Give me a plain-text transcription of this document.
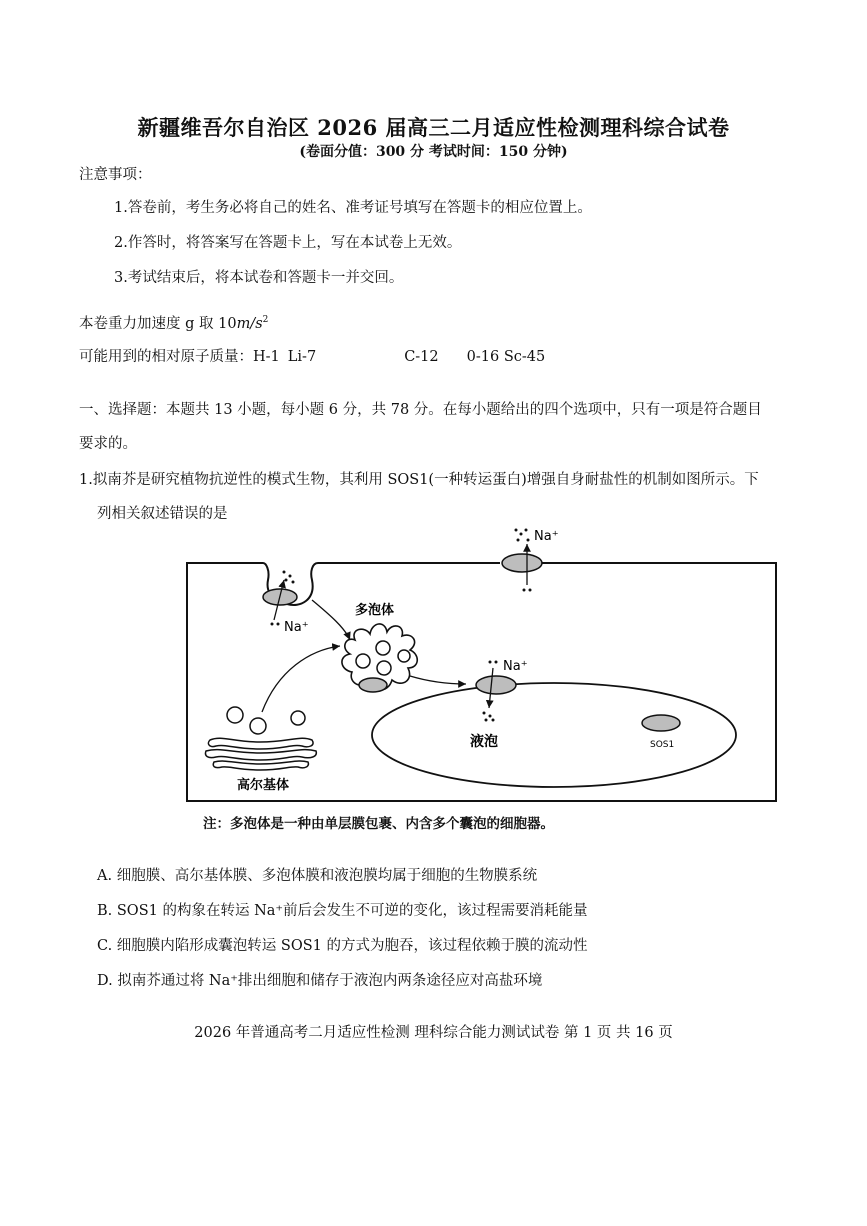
新疆维吾尔自治区 2026 届高三二月适应性检测理科综合试卷
(卷面分值：300 分 考试时间：150 分钟)
注意事项：
1.答卷前，考生务必将自己的姓名、准考证号填写在答题卡的相应位置上。
2.作答时，将答案写在答题卡上，写在本试卷上无效。
3.考试结束后，将本试卷和答题卡一并交回。
本卷重力加速度 g 取 $10m/s^2$
可能用到的相对原子质量：H-1 Li-7	C-12 0-16 Sc-45
一、选择题：本题共 13 小题，每小题 6 分，共 78 分。在每小题给出的四个选项中，只有一项是符合题目
要求的。
1.拟南芥是研究植物抗逆性的模式生物，其利用 SOS1(一种转运蛋白)增强自身耐盐性的机制如图所示。下
列相关叙述错误的是
Na⁺
Na⁺
多泡体
Na⁺
液泡
高尔基体
SOS1
注：多泡体是一种由单层膜包裹、内含多个囊泡的细胞器。
A. 细胞膜、高尔基体膜、多泡体膜和液泡膜均属于细胞的生物膜系统
B. SOS1 的构象在转运 Na⁺前后会发生不可逆的变化，该过程需要消耗能量
C. 细胞膜内陷形成囊泡转运 SOS1 的方式为胞吞，该过程依赖于膜的流动性
D. 拟南芥通过将 Na⁺排出细胞和储存于液泡内两条途径应对高盐环境
2026 年普通高考二月适应性检测 理科综合能力测试试卷 第 1 页 共 16 页
